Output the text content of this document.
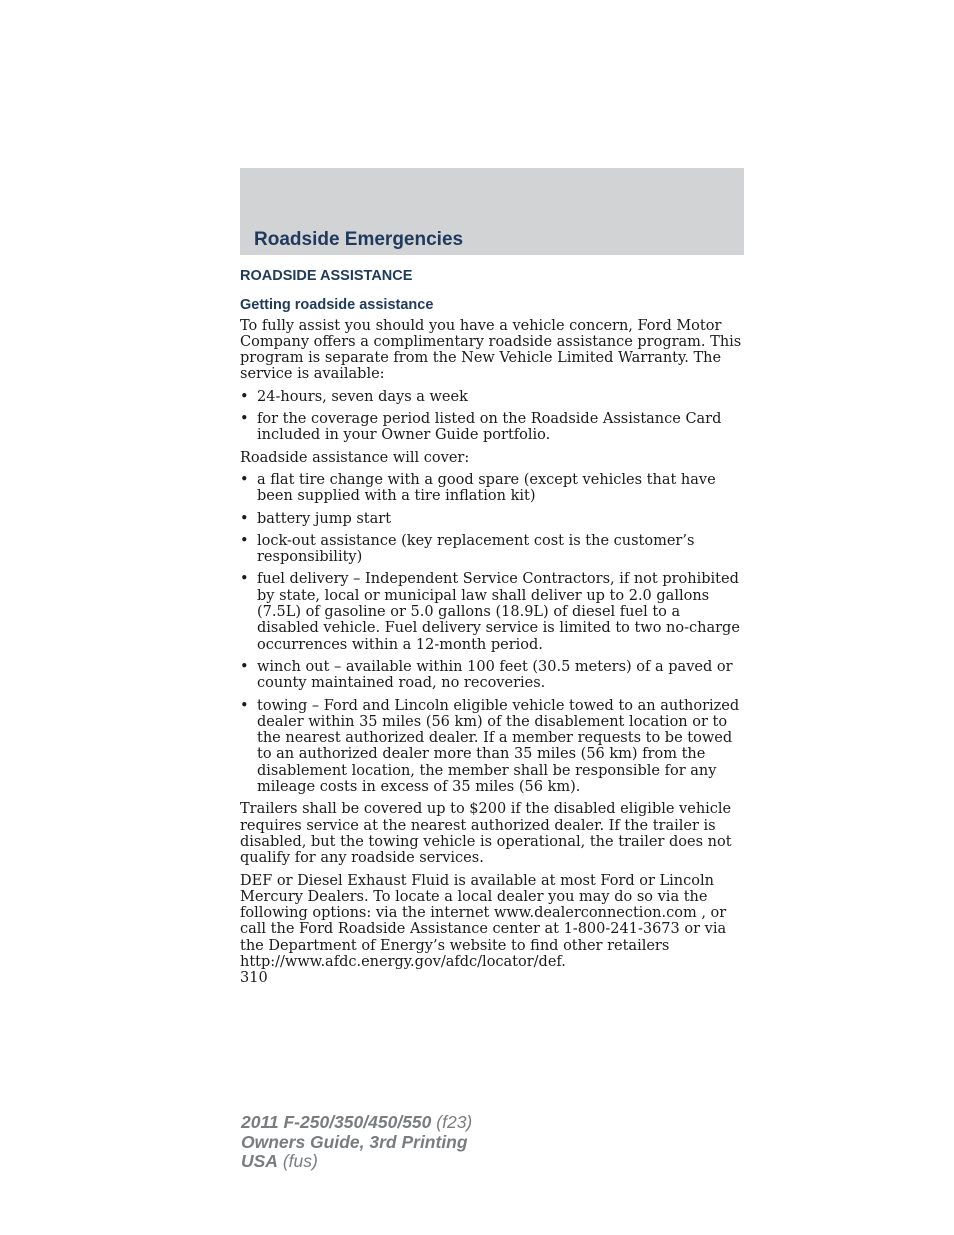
Roadside Emergencies
ROADSIDE ASSISTANCE
Getting roadside assistance

To fully assist you should you have a vehicle concern, Ford Motor Company offers a complimentary roadside assistance program. This program is separate from the New Vehicle Limited Warranty. The service is available:

• 24-hours, seven days a week
• for the coverage period listed on the Roadside Assistance Card included in your Owner Guide portfolio.

Roadside assistance will cover:

• a flat tire change with a good spare (except vehicles that have been supplied with a tire inflation kit)
• battery jump start
• lock-out assistance (key replacement cost is the customer’s responsibility)
• fuel delivery – Independent Service Contractors, if not prohibited by state, local or municipal law shall deliver up to 2.0 gallons (7.5L) of gasoline or 5.0 gallons (18.9L) of diesel fuel to a disabled vehicle. Fuel delivery service is limited to two no-charge occurrences within a 12-month period.
• winch out – available within 100 feet (30.5 meters) of a paved or county maintained road, no recoveries.
• towing – Ford and Lincoln eligible vehicle towed to an authorized dealer within 35 miles (56 km) of the disablement location or to the nearest authorized dealer. If a member requests to be towed to an authorized dealer more than 35 miles (56 km) from the disablement location, the member shall be responsible for any mileage costs in excess of 35 miles (56 km).

Trailers shall be covered up to $200 if the disabled eligible vehicle requires service at the nearest authorized dealer. If the trailer is disabled, but the towing vehicle is operational, the trailer does not qualify for any roadside services.

DEF or Diesel Exhaust Fluid is available at most Ford or Lincoln Mercury Dealers. To locate a local dealer you may do so via the following options: via the internet www.dealerconnection.com , or call the Ford Roadside Assistance center at 1-800-241-3673 or via the Department of Energy’s website to find other retailers http://www.afdc.energy.gov/afdc/locator/def.

310
2011 F-250/350/450/550 (f23)
Owners Guide, 3rd Printing
USA (fus)
